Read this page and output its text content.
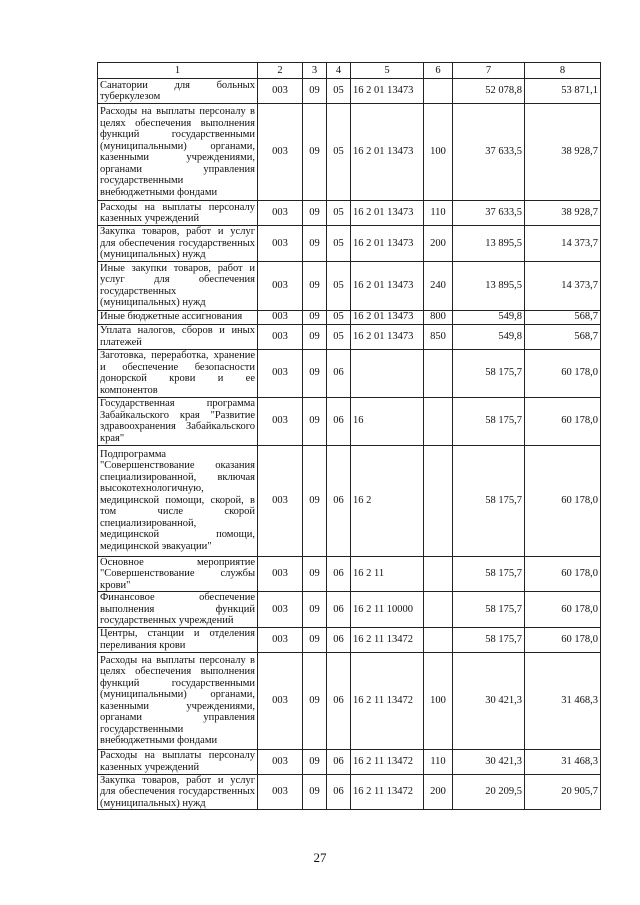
1	2	3	4	5	6	7	8
Санатории для больных туберкулезом	003	09	05	16 2 01 13473		52 078,8	53 871,1
Расходы на выплаты персоналу в целях обеспечения выполнения функций государственными (муниципальными) органами, казенными учреждениями, органами управления государственными внебюджетными фондами	003	09	05	16 2 01 13473	100	37 633,5	38 928,7
Расходы на выплаты персоналу казенных учреждений	003	09	05	16 2 01 13473	110	37 633,5	38 928,7
Закупка товаров, работ и услуг для обеспечения государственных (муниципальных) нужд	003	09	05	16 2 01 13473	200	13 895,5	14 373,7
Иные закупки товаров, работ и услуг для обеспечения государственных (муниципальных) нужд	003	09	05	16 2 01 13473	240	13 895,5	14 373,7
Иные бюджетные ассигнования	003	09	05	16 2 01 13473	800	549,8	568,7
Уплата налогов, сборов и иных платежей	003	09	05	16 2 01 13473	850	549,8	568,7
Заготовка, переработка, хранение и обеспечение безопасности донорской крови и ее компонентов	003	09	06			58 175,7	60 178,0
Государственная программа Забайкальского края "Развитие здравоохранения Забайкальского края"	003	09	06	16		58 175,7	60 178,0
Подпрограмма "Совершенствование оказания специализированной, включая высокотехнологичную, медицинской помощи, скорой, в том числе скорой специализированной, медицинской помощи, медицинской эвакуации"	003	09	06	16 2		58 175,7	60 178,0
Основное мероприятие "Совершенствование службы крови"	003	09	06	16 2 11		58 175,7	60 178,0
Финансовое обеспечение выполнения функций государственных учреждений	003	09	06	16 2 11 10000		58 175,7	60 178,0
Центры, станции и отделения переливания крови	003	09	06	16 2 11 13472		58 175,7	60 178,0
Расходы на выплаты персоналу в целях обеспечения выполнения функций государственными (муниципальными) органами, казенными учреждениями, органами управления государственными внебюджетными фондами	003	09	06	16 2 11 13472	100	30 421,3	31 468,3
Расходы на выплаты персоналу казенных учреждений	003	09	06	16 2 11 13472	110	30 421,3	31 468,3
Закупка товаров, работ и услуг для обеспечения государственных (муниципальных) нужд	003	09	06	16 2 11 13472	200	20 209,5	20 905,7
27
